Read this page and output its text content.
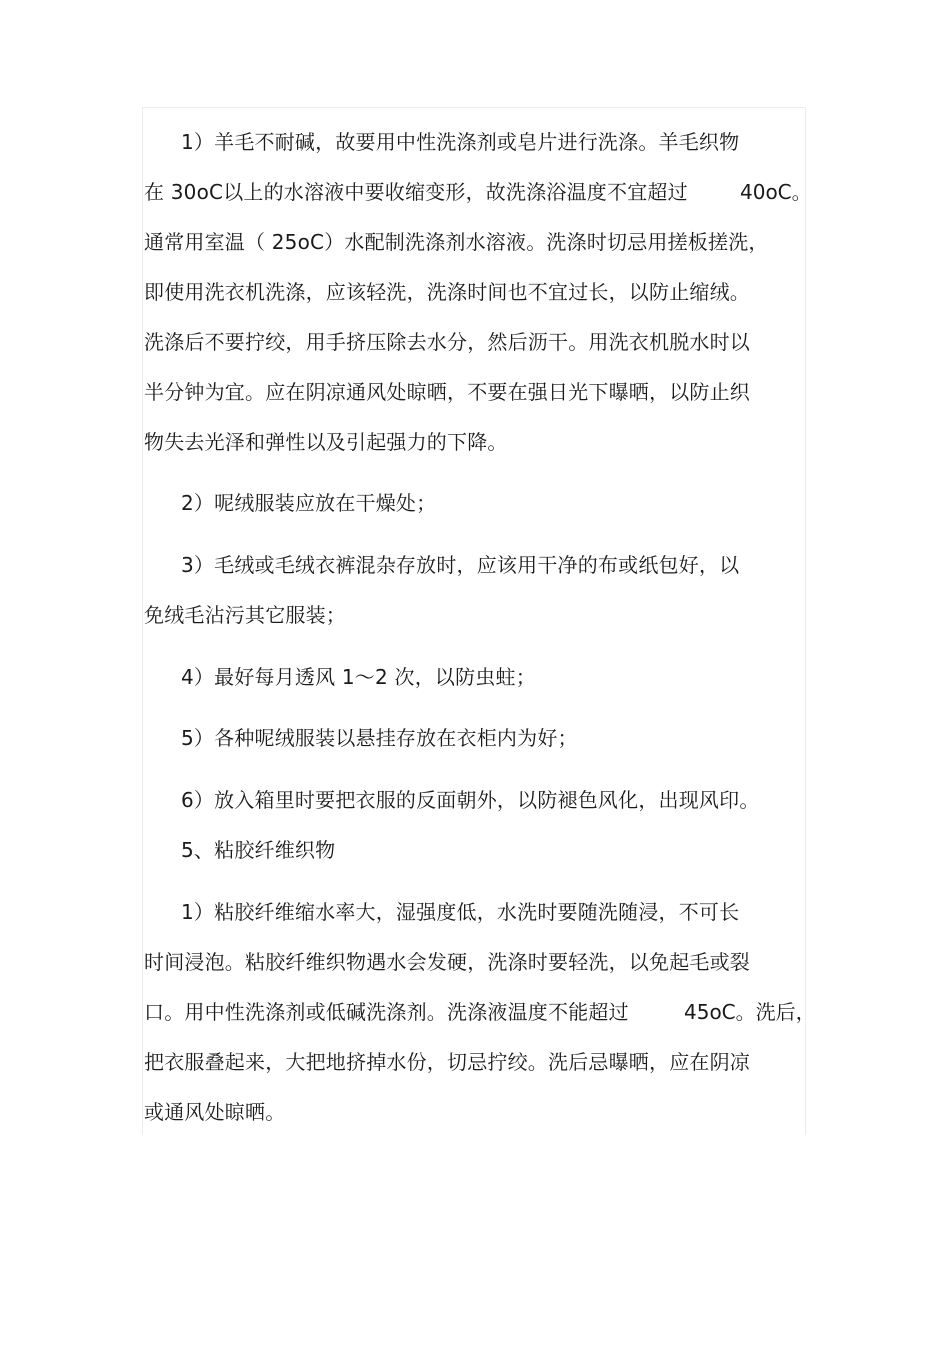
1）羊毛不耐碱，故要用中性洗涤剂或皂片进行洗涤。羊毛织物
在 30oC以上的水溶液中要收缩变形，故洗涤浴温度不宜超过	40oC。
通常用室温（ 25oC）水配制洗涤剂水溶液。洗涤时切忌用搓板搓洗，
即使用洗衣机洗涤，应该轻洗，洗涤时间也不宜过长，以防止缩绒。
洗涤后不要拧绞，用手挤压除去水分，然后沥干。用洗衣机脱水时以
半分钟为宜。应在阴凉通风处晾晒，不要在强日光下曝晒，以防止织
物失去光泽和弹性以及引起强力的下降。
2）呢绒服装应放在干燥处；
3）毛绒或毛绒衣裤混杂存放时，应该用干净的布或纸包好，以
免绒毛沾污其它服装；
4）最好每月透风 1～2 次，以防虫蛀；
5）各种呢绒服装以悬挂存放在衣柜内为好；
6）放入箱里时要把衣服的反面朝外，以防褪色风化，出现风印。
5、粘胶纤维织物
1）粘胶纤维缩水率大，湿强度低，水洗时要随洗随浸，不可长
时间浸泡。粘胶纤维织物遇水会发硬，洗涤时要轻洗，以免起毛或裂
口。用中性洗涤剂或低碱洗涤剂。洗涤液温度不能超过	45oC。洗后，
把衣服叠起来，大把地挤掉水份，切忌拧绞。洗后忌曝晒，应在阴凉
或通风处晾晒。
